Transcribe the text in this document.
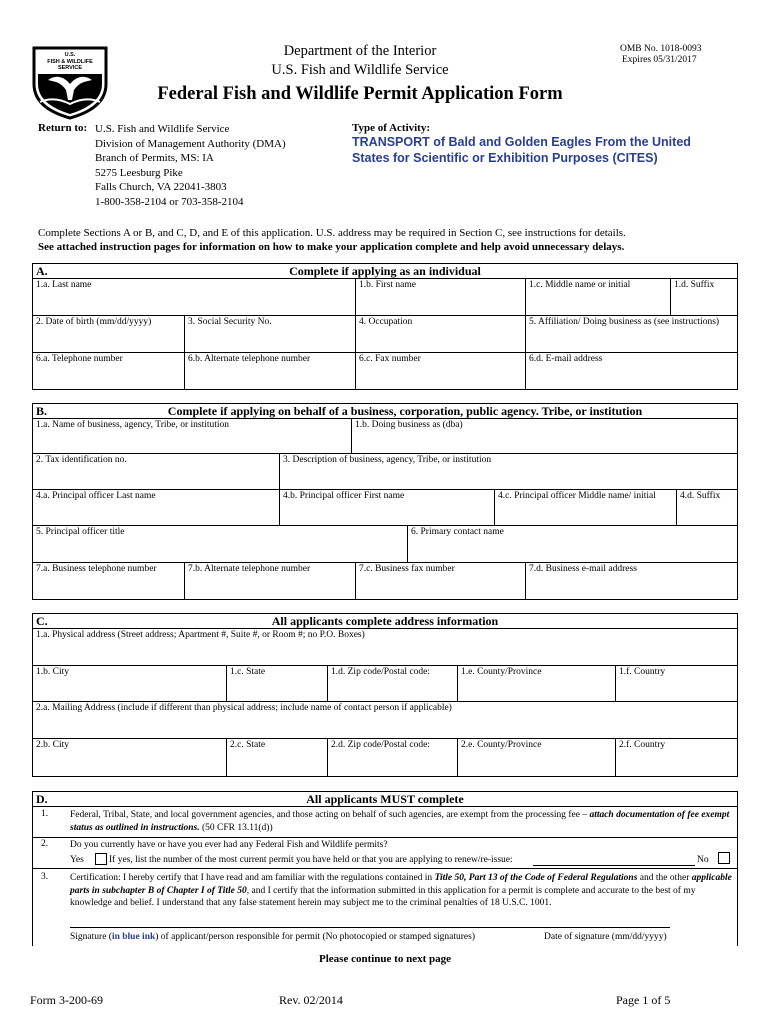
U.S.
FISH & WILDLIFE
SERVICE
Department of the Interior
U.S. Fish and Wildlife Service
OMB No. 1018-0093
Expires 05/31/2017
Federal Fish and Wildlife Permit Application Form
Return to: U.S. Fish and Wildlife Service
Division of Management Authority (DMA)
Branch of Permits, MS: IA
5275 Leesburg Pike
Falls Church, VA 22041-3803
1-800-358-2104 or 703-358-2104
Type of Activity:
TRANSPORT of Bald and Golden Eagles From the United
States for Scientific or Exhibition Purposes (CITES)
Complete Sections A or B, and C, D, and E of this application. U.S. address may be required in Section C, see instructions for details.
See attached instruction pages for information on how to make your application complete and help avoid unnecessary delays.
A.	Complete if applying as an individual
1.a. Last name	1.b. First name	1.c. Middle name or initial	1.d. Suffix
2. Date of birth (mm/dd/yyyy)	3. Social Security No.	4. Occupation	5. Affiliation/ Doing business as (see instructions)
6.a. Telephone number	6.b. Alternate telephone number	6.c. Fax number	6.d. E-mail address
B.	Complete if applying on behalf of a business, corporation, public agency. Tribe, or institution
1.a. Name of business, agency, Tribe, or institution	1.b. Doing business as (dba)
2. Tax identification no.	3. Description of business, agency, Tribe, or institution
4.a. Principal officer Last name	4.b. Principal officer First name	4.c. Principal officer Middle name/ initial	4.d. Suffix
5. Principal officer title	6. Primary contact name
7.a. Business telephone number	7.b. Alternate telephone number	7.c. Business fax number	7.d. Business e-mail address
C.	All applicants complete address information
1.a. Physical address (Street address; Apartment #, Suite #, or Room #; no P.O. Boxes)
1.b. City	1.c. State	1.d. Zip code/Postal code:	1.e. County/Province	1.f. Country
2.a. Mailing Address (include if different than physical address; include name of contact person if applicable)
2.b. City	2.c. State	2.d. Zip code/Postal code:	2.e. County/Province	2.f. Country
D.	All applicants MUST complete
1. Federal, Tribal, State, and local government agencies, and those acting on behalf of such agencies, are exempt from the processing fee – attach documentation of fee exempt status as outlined in instructions. (50 CFR 13.11(d))
2. Do you currently have or have you ever had any Federal Fish and Wildlife permits?
Yes	If yes, list the number of the most current permit you have held or that you are applying to renew/re-issue:	No
3. Certification: I hereby certify that I have read and am familiar with the regulations contained in Title 50, Part 13 of the Code of Federal Regulations and the other applicable parts in subchapter B of Chapter I of Title 50, and I certify that the information submitted in this application for a permit is complete and accurate to the best of my knowledge and belief. I understand that any false statement herein may subject me to the criminal penalties of 18 U.S.C. 1001.
Signature (in blue ink) of applicant/person responsible for permit (No photocopied or stamped signatures)	Date of signature (mm/dd/yyyy)
Please continue to next page
Form 3-200-69	Rev. 02/2014	Page 1 of 5
